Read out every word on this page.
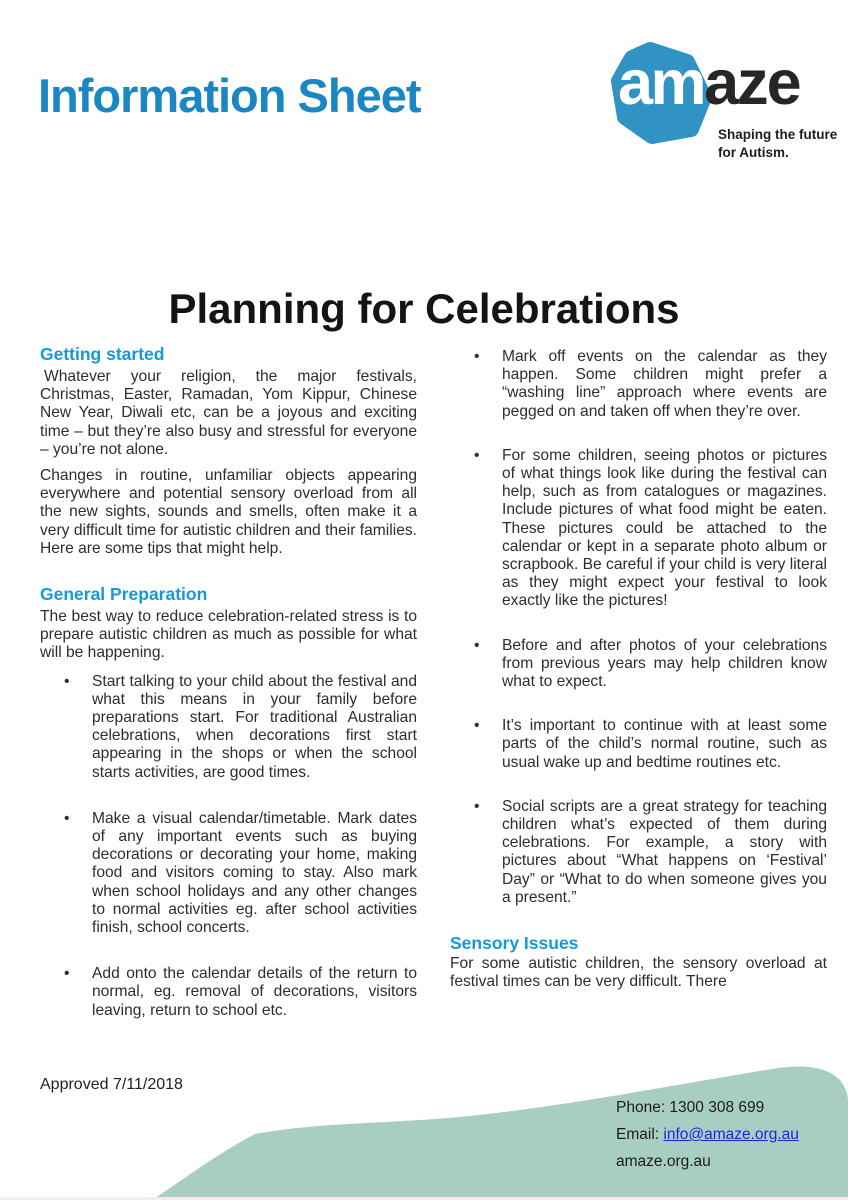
Information Sheet	amaze
Shaping the future
for Autism.
Planning for Celebrations
Getting started

Whatever your religion, the major festivals, Christmas, Easter, Ramadan, Yom Kippur, Chinese New Year, Diwali etc, can be a joyous and exciting time – but they’re also busy and stressful for everyone – you’re not alone.

Changes in routine, unfamiliar objects appearing everywhere and potential sensory overload from all the new sights, sounds and smells, often make it a very difficult time for autistic children and their families. Here are some tips that might help.

General Preparation

The best way to reduce celebration-related stress is to prepare autistic children as much as possible for what will be happening.

•	Start talking to your child about the festival and what this means in your family before preparations start. For traditional Australian celebrations, when decorations first start appearing in the shops or when the school starts activities, are good times.
•	Make a visual calendar/timetable. Mark dates of any important events such as buying decorations or decorating your home, making food and visitors coming to stay. Also mark when school holidays and any other changes to normal activities eg. after school activities finish, school concerts.
•	Add onto the calendar details of the return to normal, eg. removal of decorations, visitors leaving, return to school etc.
•	Mark off events on the calendar as they happen. Some children might prefer a “washing line” approach where events are pegged on and taken off when they’re over.
•	For some children, seeing photos or pictures of what things look like during the festival can help, such as from catalogues or magazines. Include pictures of what food might be eaten. These pictures could be attached to the calendar or kept in a separate photo album or scrapbook. Be careful if your child is very literal as they might expect your festival to look exactly like the pictures!
•	Before and after photos of your celebrations from previous years may help children know what to expect.
•	It’s important to continue with at least some parts of the child’s normal routine, such as usual wake up and bedtime routines etc.
•	Social scripts are a great strategy for teaching children what’s expected of them during celebrations. For example, a story with pictures about “What happens on ‘Festival’ Day” or “What to do when someone gives you a present.”
Sensory Issues

For some autistic children, the sensory overload at festival times can be very difficult. There

Approved 7/11/2018
Phone: 1300 308 699
Email: info@amaze.org.au
amaze.org.au
